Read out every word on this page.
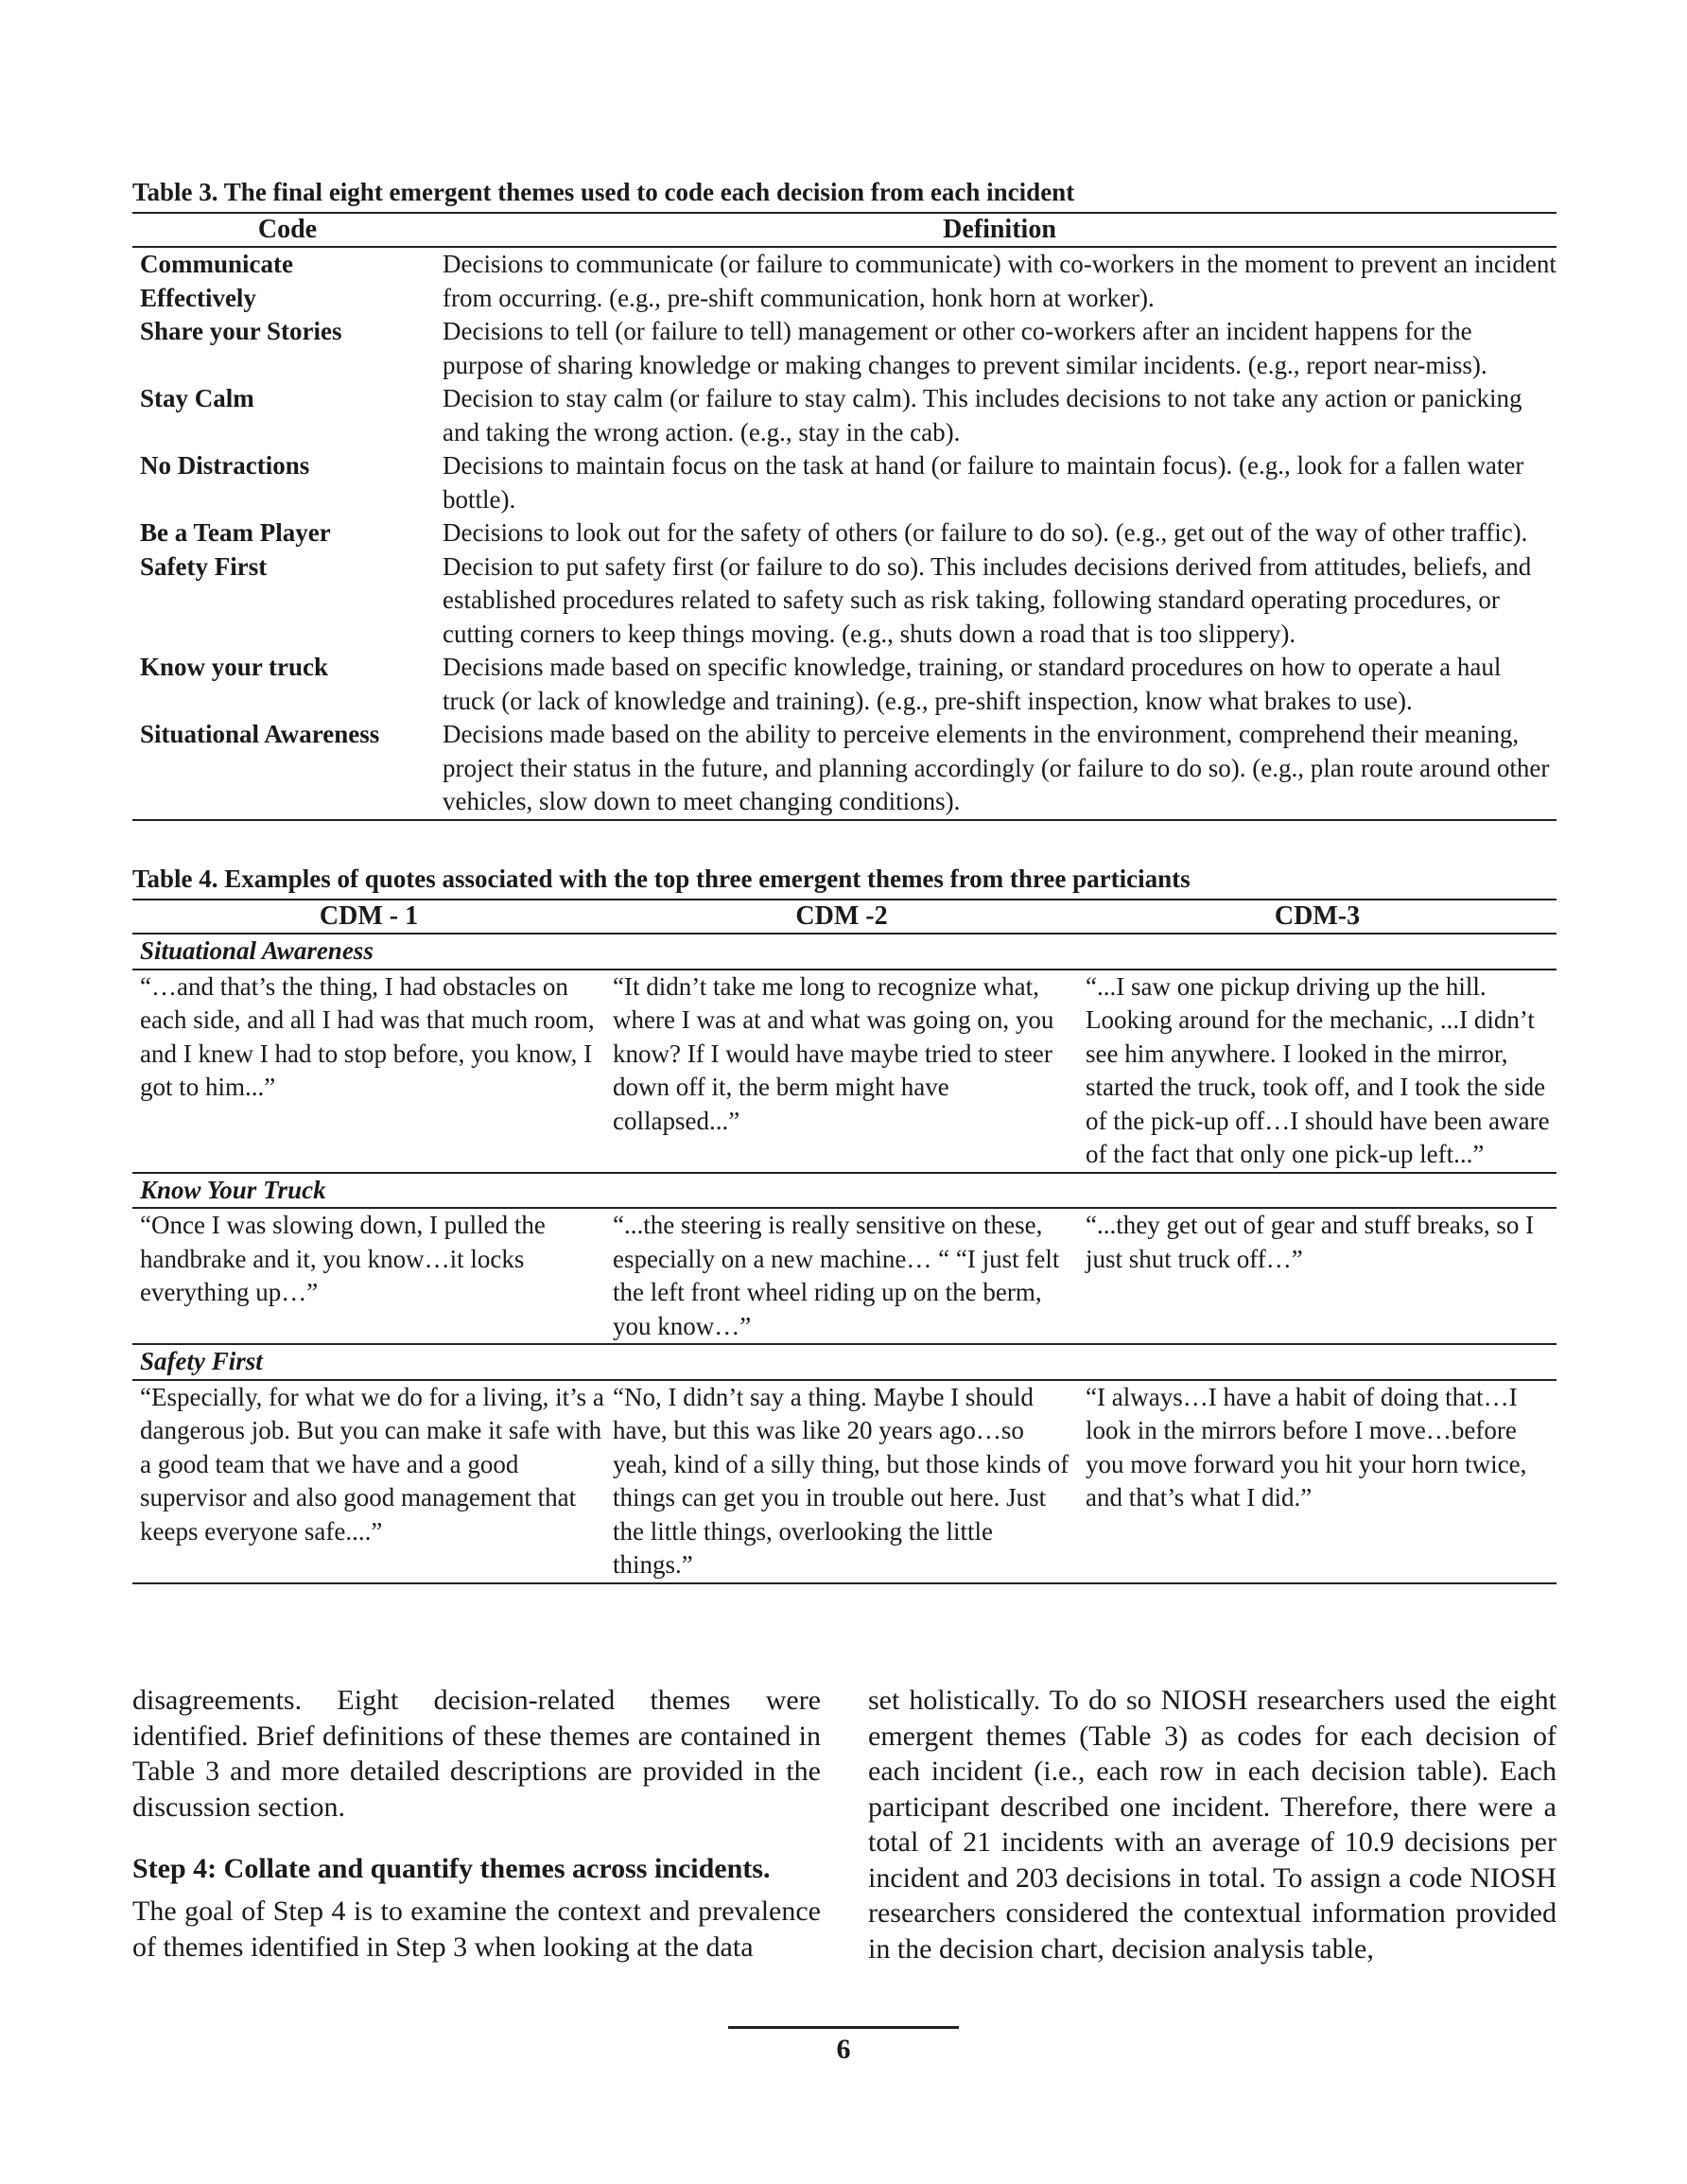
Table 3. The final eight emergent themes used to code each decision from each incident
Code	Definition
Communicate Effectively	Decisions to communicate (or failure to communicate) with co-workers in the moment to prevent an incident from occurring. (e.g., pre-shift communication, honk horn at worker).
Share your Stories	Decisions to tell (or failure to tell) management or other co-workers after an incident happens for the purpose of sharing knowledge or making changes to prevent similar incidents. (e.g., report near-miss).
Stay Calm	Decision to stay calm (or failure to stay calm). This includes decisions to not take any action or panicking and taking the wrong action. (e.g., stay in the cab).
No Distractions	Decisions to maintain focus on the task at hand (or failure to maintain focus). (e.g., look for a fallen water bottle).
Be a Team Player	Decisions to look out for the safety of others (or failure to do so). (e.g., get out of the way of other traffic).
Safety First	Decision to put safety first (or failure to do so). This includes decisions derived from attitudes, beliefs, and established procedures related to safety such as risk taking, following standard operating procedures, or cutting corners to keep things moving. (e.g., shuts down a road that is too slippery).
Know your truck	Decisions made based on specific knowledge, training, or standard procedures on how to operate a haul truck (or lack of knowledge and training). (e.g., pre-shift inspection, know what brakes to use).
Situational Awareness	Decisions made based on the ability to perceive elements in the environment, comprehend their meaning, project their status in the future, and planning accordingly (or failure to do so). (e.g., plan route around other vehicles, slow down to meet changing conditions).
Table 4. Examples of quotes associated with the top three emergent themes from three particiants
CDM - 1	CDM -2	CDM-3
Situational Awareness		
“…and that’s the thing, I had obstacles on each side, and all I had was that much room, and I knew I had to stop before, you know, I got to him...”	“It didn’t take me long to recognize what, where I was at and what was going on, you know? If I would have maybe tried to steer down off it, the berm might have collapsed...”	“...I saw one pickup driving up the hill. Looking around for the mechanic, ...I didn’t see him anywhere. I looked in the mirror, started the truck, took off, and I took the side of the pick-up off…I should have been aware of the fact that only one pick-up left...”
Know Your Truck		
“Once I was slowing down, I pulled the handbrake and it, you know…it locks everything up…”	“...the steering is really sensitive on these, especially on a new machine… “ “I just felt the left front wheel riding up on the berm, you know…”	“...they get out of gear and stuff breaks, so I just shut truck off…”
Safety First		
“Especially, for what we do for a living, it’s a dangerous job. But you can make it safe with a good team that we have and a good supervisor and also good management that keeps everyone safe....”	“No, I didn’t say a thing. Maybe I should have, but this was like 20 years ago…so yeah, kind of a silly thing, but those kinds of things can get you in trouble out here. Just the little things, overlooking the little things.”	“I always…I have a habit of doing that…I look in the mirrors before I move…before you move forward you hit your horn twice, and that’s what I did.”

disagreements. Eight decision-related themes were identified. Brief definitions of these themes are contained in Table 3 and more detailed descriptions are provided in the discussion section.

Step 4: Collate and quantify themes across incidents.

The goal of Step 4 is to examine the context and prevalence of themes identified in Step 3 when looking at the data

set holistically. To do so NIOSH researchers used the eight emergent themes (Table 3) as codes for each decision of each incident (i.e., each row in each decision table). Each participant described one incident. Therefore, there were a total of 21 incidents with an average of 10.9 decisions per incident and 203 decisions in total. To assign a code NIOSH researchers considered the contextual information provided in the decision chart, decision analysis table,

6
